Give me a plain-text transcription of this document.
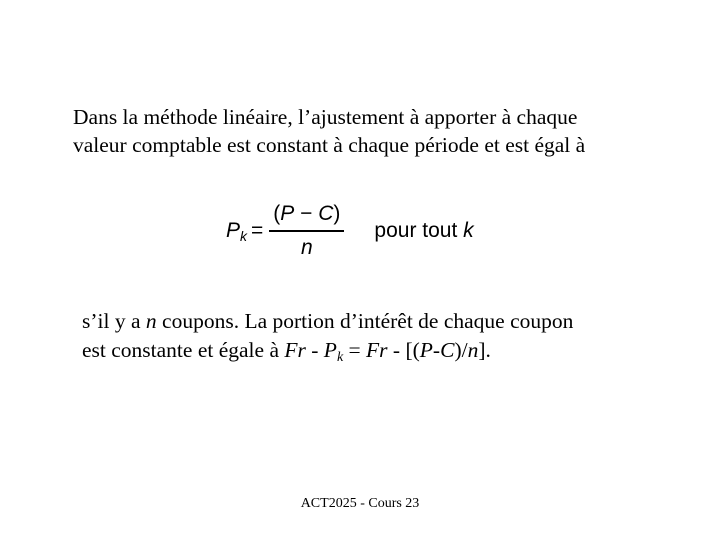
Dans la méthode linéaire, l’ajustement à apporter à chaque
valeur comptable est constant à chaque période et est égal à

$P_k = \frac{(P - C)}{n}$ pour tout k

s’il y a n coupons. La portion d’intérêt de chaque coupon
est constante et égale à $Fr - P_k = Fr - [(P-C)/n]$.

ACT2025 - Cours 23
